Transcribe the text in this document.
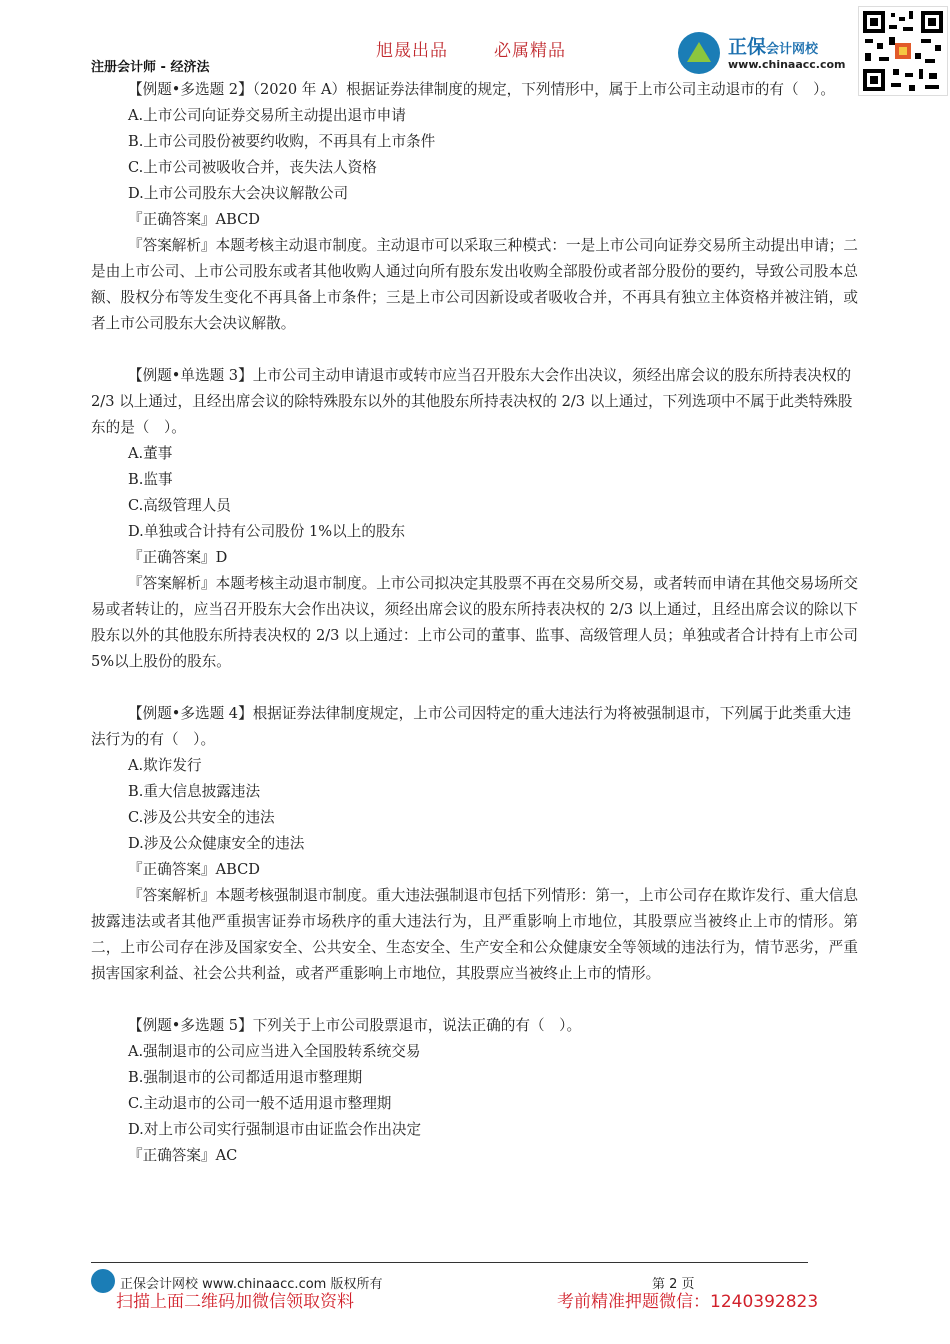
旭晟出品	必属精品
注册会计师 - 经济法
正保会计网校
www.chinaacc.com

【例题•多选题 2】（2020 年 A）根据证券法律制度的规定，下列情形中，属于上市公司主动退市的有（　）。

A.上市公司向证券交易所主动提出退市申请

B.上市公司股份被要约收购，不再具有上市条件

C.上市公司被吸收合并，丧失法人资格

D.上市公司股东大会决议解散公司

『正确答案』ABCD

『答案解析』本题考核主动退市制度。主动退市可以采取三种模式：一是上市公司向证券交易所主动提出申请；二是由上市公司、上市公司股东或者其他收购人通过向所有股东发出收购全部股份或者部分股份的要约，导致公司股本总额、股权分布等发生变化不再具备上市条件；三是上市公司因新设或者吸收合并，不再具有独立主体资格并被注销，或者上市公司股东大会决议解散。

【例题•单选题 3】上市公司主动申请退市或转市应当召开股东大会作出决议，须经出席会议的股东所持表决权的 2/3 以上通过，且经出席会议的除特殊股东以外的其他股东所持表决权的 2/3 以上通过，下列选项中不属于此类特殊股东的是（　）。

A.董事

B.监事

C.高级管理人员

D.单独或合计持有公司股份 1%以上的股东

『正确答案』D

『答案解析』本题考核主动退市制度。上市公司拟决定其股票不再在交易所交易，或者转而申请在其他交易场所交易或者转让的，应当召开股东大会作出决议，须经出席会议的股东所持表决权的 2/3 以上通过，且经出席会议的除以下股东以外的其他股东所持表决权的 2/3 以上通过：上市公司的董事、监事、高级管理人员；单独或者合计持有上市公司 5%以上股份的股东。

【例题•多选题 4】根据证券法律制度规定，上市公司因特定的重大违法行为将被强制退市，下列属于此类重大违法行为的有（　）。

A.欺诈发行

B.重大信息披露违法

C.涉及公共安全的违法

D.涉及公众健康安全的违法

『正确答案』ABCD

『答案解析』本题考核强制退市制度。重大违法强制退市包括下列情形：第一，上市公司存在欺诈发行、重大信息披露违法或者其他严重损害证券市场秩序的重大违法行为，且严重影响上市地位，其股票应当被终止上市的情形。第二，上市公司存在涉及国家安全、公共安全、生态安全、生产安全和公众健康安全等领域的违法行为，情节恶劣，严重损害国家利益、社会公共利益，或者严重影响上市地位，其股票应当被终止上市的情形。

【例题•多选题 5】下列关于上市公司股票退市，说法正确的有（　）。

A.强制退市的公司应当进入全国股转系统交易

B.强制退市的公司都适用退市整理期

C.主动退市的公司一般不适用退市整理期

D.对上市公司实行强制退市由证监会作出决定

『正确答案』AC

正保会计网校 www.chinaacc.com 版权所有	第 2 页
扫描上面二维码加微信领取资料	考前精准押题微信：1240392823
